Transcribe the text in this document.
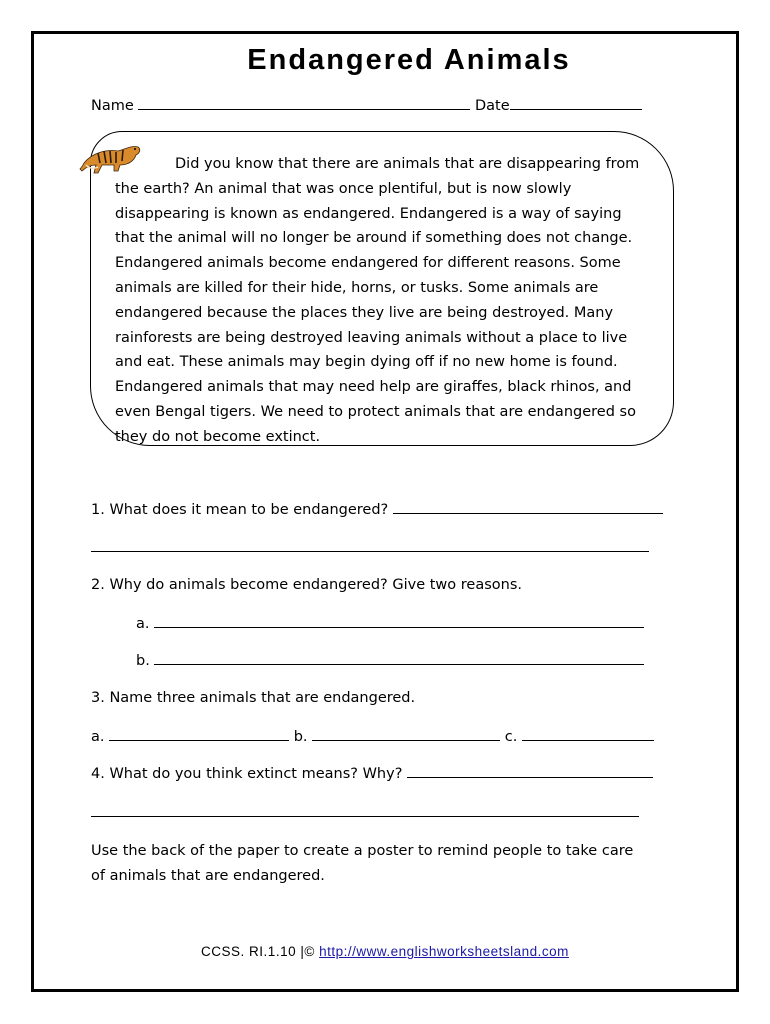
Endangered Animals
Name	Date

Did you know that there are animals that are disappearing from the earth? An animal that was once plentiful, but is now slowly disappearing is known as endangered. Endangered is a way of saying that the animal will no longer be around if something does not change. Endangered animals become endangered for different reasons. Some animals are killed for their hide, horns, or tusks. Some animals are endangered because the places they live are being destroyed. Many rainforests are being destroyed leaving animals without a place to live and eat. These animals may begin dying off if no new home is found. Endangered animals that may need help are giraffes, black rhinos, and even Bengal tigers. We need to protect animals that are endangered so they do not become extinct.

1. What does it mean to be endangered?
2. Why do animals become endangered? Give two reasons.
a.
b.
3. Name three animals that are endangered.
a.	b.	c.
4. What do you think extinct means? Why?
Use the back of the paper to create a poster to remind people to take care of animals that are endangered.
CCSS. RI.1.10 |© http://www.englishworksheetsland.com
